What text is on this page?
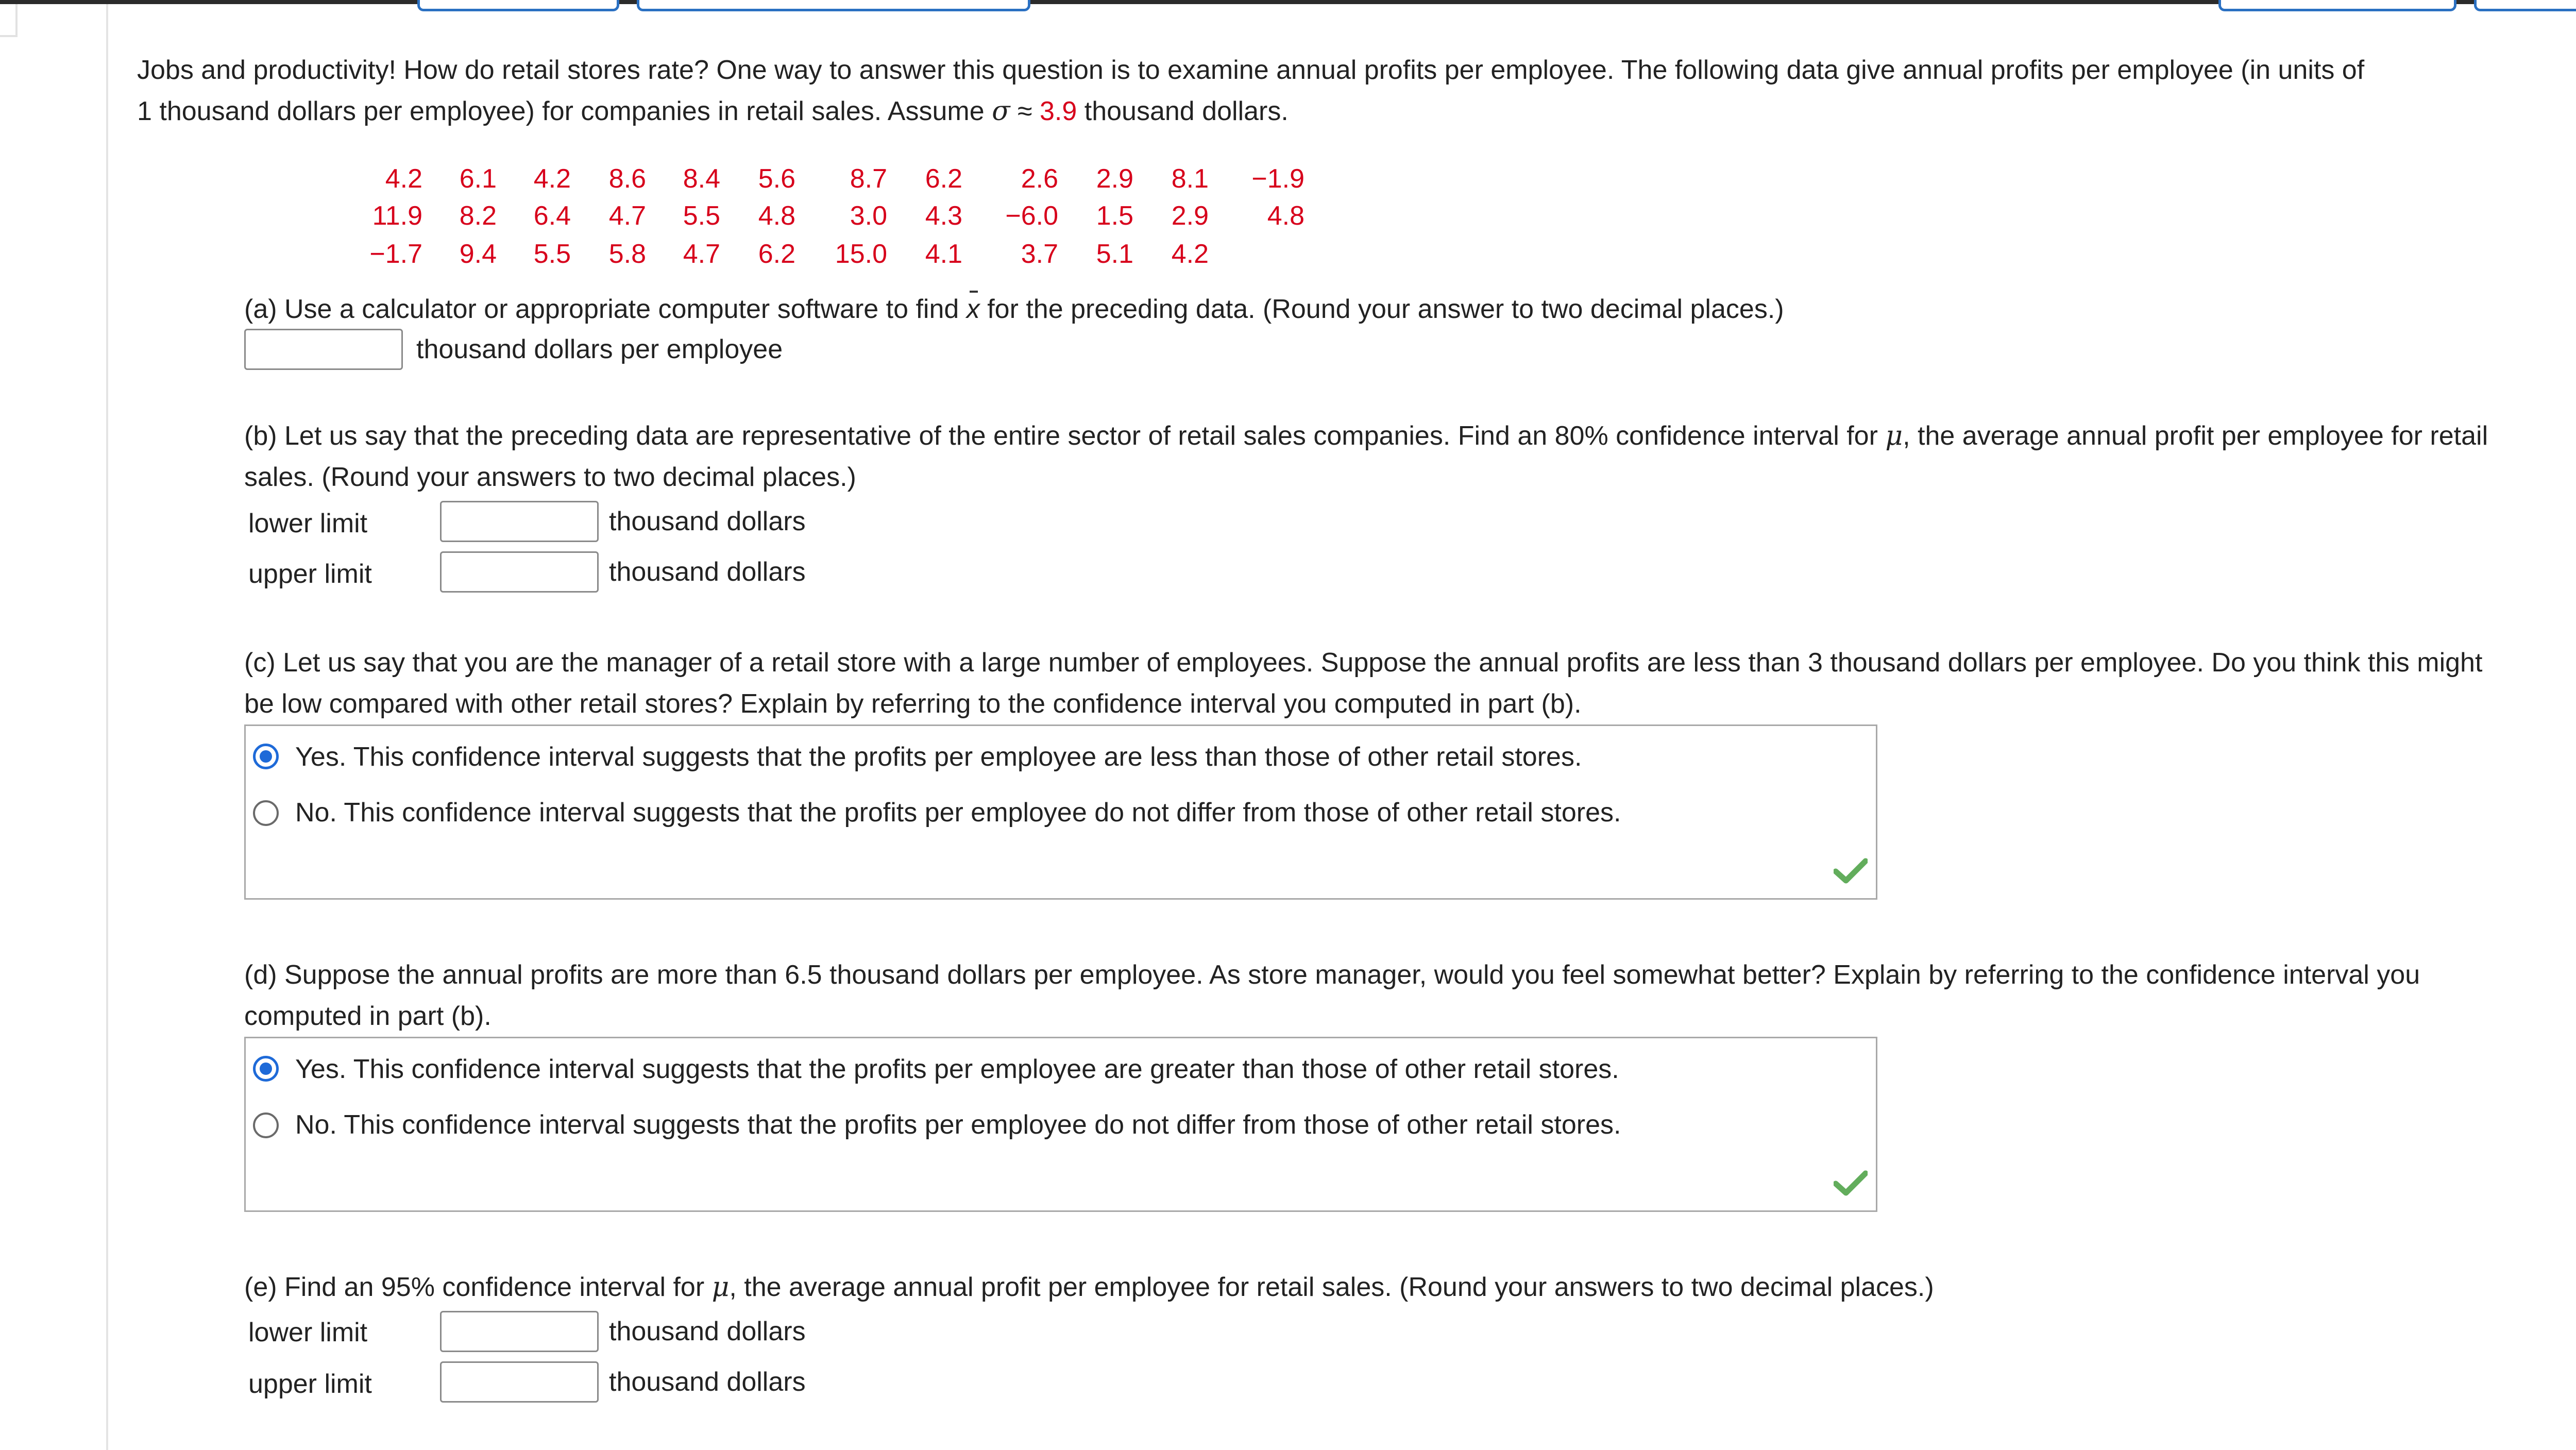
Jobs and productivity! How do retail stores rate? One way to answer this question is to examine annual profits per employee. The following data give annual profits per employee (in units of
1 thousand dollars per employee) for companies in retail sales. Assume σ ≈ 3.9 thousand dollars.
4.2	6.1	4.2	8.6	8.4	5.6	8.7	6.2	2.6	2.9	8.1	−1.9
11.9	8.2	6.4	4.7	5.5	4.8	3.0	4.3	−6.0	1.5	2.9	4.8
−1.7	9.4	5.5	5.8	4.7	6.2	15.0	4.1	3.7	5.1	4.2
(a) Use a calculator or appropriate computer software to find x for the preceding data. (Round your answer to two decimal places.)
thousand dollars per employee
(b) Let us say that the preceding data are representative of the entire sector of retail sales companies. Find an 80% confidence interval for μ, the average annual profit per employee for retail
sales. (Round your answers to two decimal places.)
lower limit	thousand dollars
upper limit	thousand dollars
(c) Let us say that you are the manager of a retail store with a large number of employees. Suppose the annual profits are less than 3 thousand dollars per employee. Do you think this might
be low compared with other retail stores? Explain by referring to the confidence interval you computed in part (b).
Yes. This confidence interval suggests that the profits per employee are less than those of other retail stores.
No. This confidence interval suggests that the profits per employee do not differ from those of other retail stores.
(d) Suppose the annual profits are more than 6.5 thousand dollars per employee. As store manager, would you feel somewhat better? Explain by referring to the confidence interval you
computed in part (b).
Yes. This confidence interval suggests that the profits per employee are greater than those of other retail stores.
No. This confidence interval suggests that the profits per employee do not differ from those of other retail stores.
(e) Find an 95% confidence interval for μ, the average annual profit per employee for retail sales. (Round your answers to two decimal places.)
lower limit	thousand dollars
upper limit	thousand dollars
